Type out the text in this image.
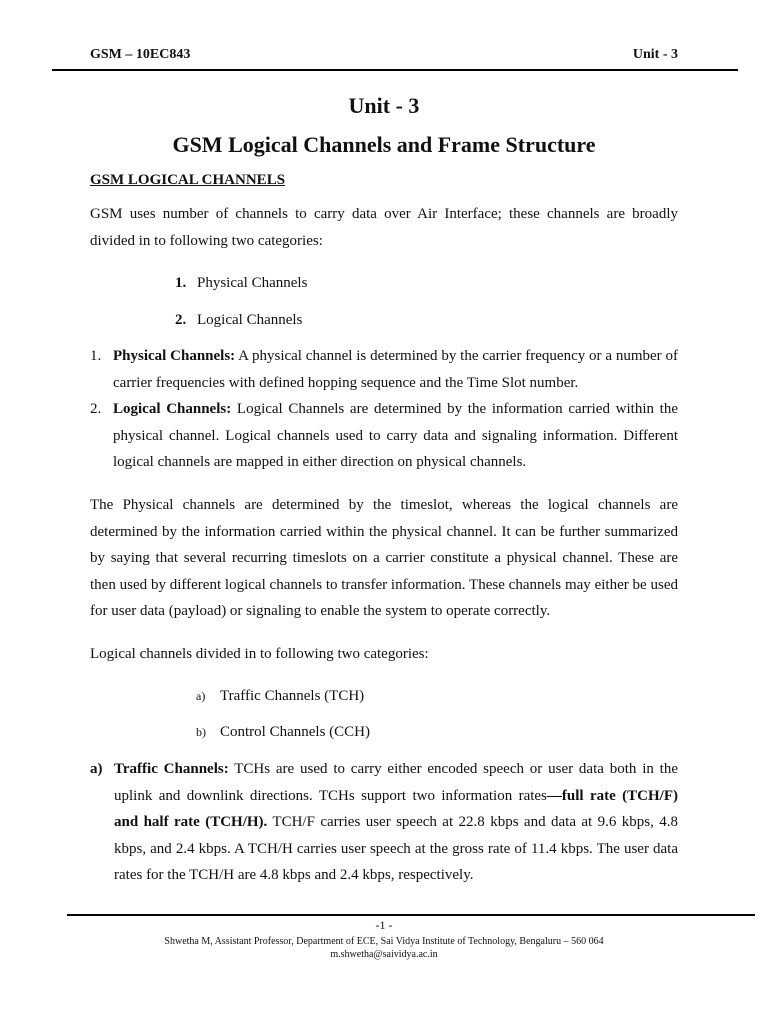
GSM – 10EC843	Unit - 3
Unit - 3
GSM Logical Channels and Frame Structure
GSM LOGICAL CHANNELS
GSM uses number of channels to carry data over Air Interface; these channels are broadly divided in to following two categories:
1. Physical Channels
2. Logical Channels
1. Physical Channels: A physical channel is determined by the carrier frequency or a number of carrier frequencies with defined hopping sequence and the Time Slot number.
2. Logical Channels: Logical Channels are determined by the information carried within the physical channel. Logical channels used to carry data and signaling information. Different logical channels are mapped in either direction on physical channels.
The Physical channels are determined by the timeslot, whereas the logical channels are determined by the information carried within the physical channel. It can be further summarized by saying that several recurring timeslots on a carrier constitute a physical channel. These are then used by different logical channels to transfer information. These channels may either be used for user data (payload) or signaling to enable the system to operate correctly.
Logical channels divided in to following two categories:
a) Traffic Channels (TCH)
b) Control Channels (CCH)
a) Traffic Channels: TCHs are used to carry either encoded speech or user data both in the uplink and downlink directions. TCHs support two information rates—full rate (TCH/F) and half rate (TCH/H). TCH/F carries user speech at 22.8 kbps and data at 9.6 kbps, 4.8 kbps, and 2.4 kbps. A TCH/H carries user speech at the gross rate of 11.4 kbps. The user data rates for the TCH/H are 4.8 kbps and 2.4 kbps, respectively.
-1 -
Shwetha M, Assistant Professor, Department of ECE, Sai Vidya Institute of Technology, Bengaluru – 560 064
m.shwetha@saividya.ac.in
